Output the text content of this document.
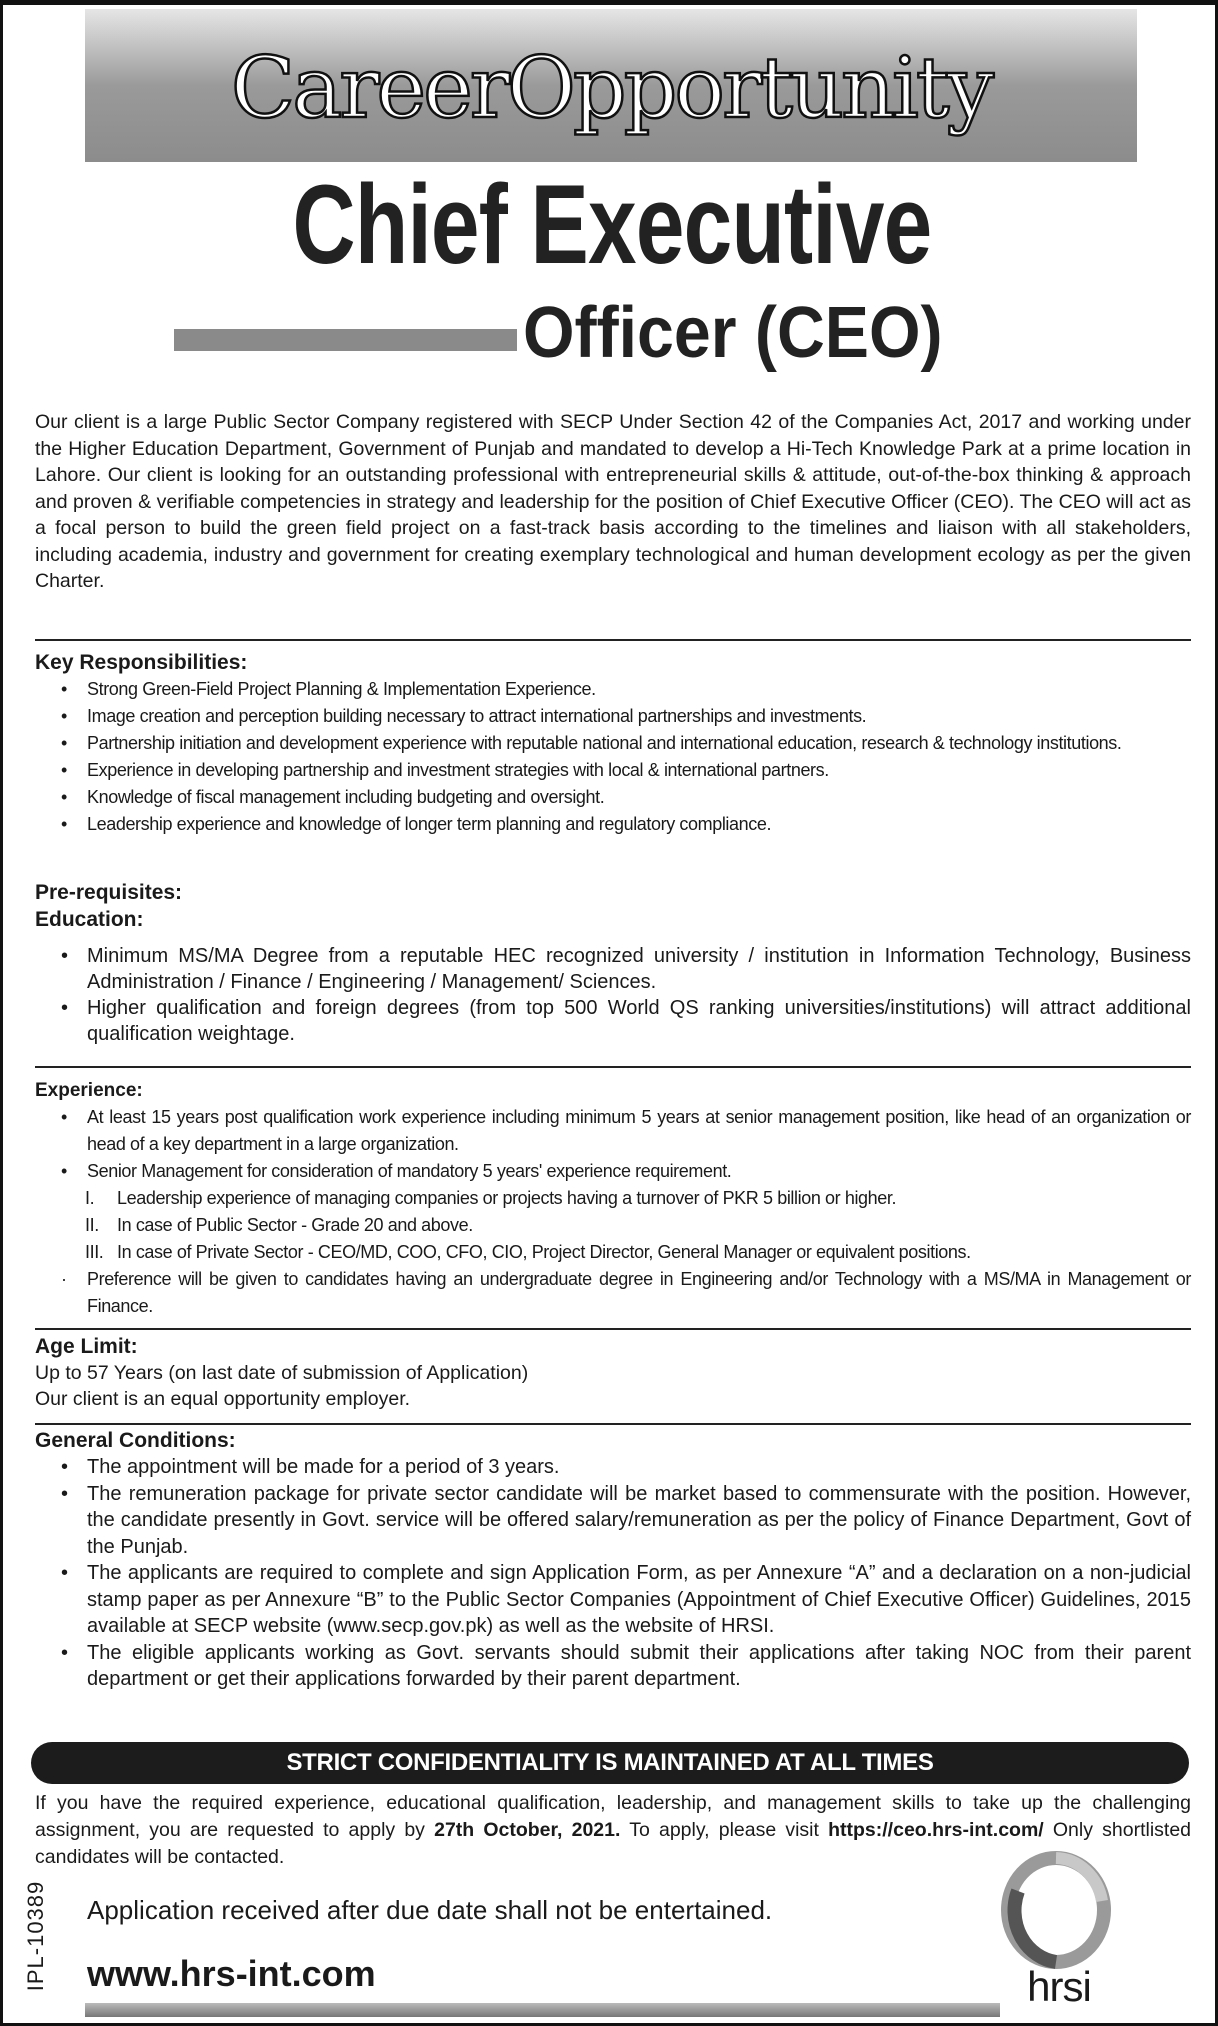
CareerOpportunity
Chief Executive
Officer (CEO)

Our client is a large Public Sector Company registered with SECP Under Section 42 of the Companies Act, 2017 and working under the Higher Education Department, Government of Punjab and mandated to develop a Hi-Tech Knowledge Park at a prime location in Lahore. Our client is looking for an outstanding professional with entrepreneurial skills & attitude, out-of-the-box thinking & approach and proven & verifiable competencies in strategy and leadership for the position of Chief Executive Officer (CEO). The CEO will act as a focal person to build the green field project on a fast-track basis according to the timelines and liaison with all stakeholders, including academia, industry and government for creating exemplary technological and human development ecology as per the given Charter.

Key Responsibilities:
• Strong Green-Field Project Planning & Implementation Experience.
• Image creation and perception building necessary to attract international partnerships and investments.
• Partnership initiation and development experience with reputable national and international education, research & technology institutions.
• Experience in developing partnership and investment strategies with local & international partners.
• Knowledge of fiscal management including budgeting and oversight.
• Leadership experience and knowledge of longer term planning and regulatory compliance.
Pre-requisites:
Education:
• Minimum MS/MA Degree from a reputable HEC recognized university / institution in Information Technology, Business Administration / Finance / Engineering / Management/ Sciences.
• Higher qualification and foreign degrees (from top 500 World QS ranking universities/institutions) will attract additional qualification weightage.
Experience:
• At least 15 years post qualification work experience including minimum 5 years at senior management position, like head of an organization or head of a key department in a large organization.
• Senior Management for consideration of mandatory 5 years' experience requirement.
I. Leadership experience of managing companies or projects having a turnover of PKR 5 billion or higher.
II. In case of Public Sector - Grade 20 and above.
III. In case of Private Sector - CEO/MD, COO, CFO, CIO, Project Director, General Manager or equivalent positions.
· Preference will be given to candidates having an undergraduate degree in Engineering and/or Technology with a MS/MA in Management or Finance.
Age Limit:
Up to 57 Years (on last date of submission of Application)
Our client is an equal opportunity employer.
General Conditions:
• The appointment will be made for a period of 3 years.
• The remuneration package for private sector candidate will be market based to commensurate with the position. However, the candidate presently in Govt. service will be offered salary/remuneration as per the policy of Finance Department, Govt of the Punjab.
• The applicants are required to complete and sign Application Form, as per Annexure “A” and a declaration on a non-judicial stamp paper as per Annexure “B” to the Public Sector Companies (Appointment of Chief Executive Officer) Guidelines, 2015 available at SECP website (www.secp.gov.pk) as well as the website of HRSI.
• The eligible applicants working as Govt. servants should submit their applications after taking NOC from their parent department or get their applications forwarded by their parent department.
STRICT CONFIDENTIALITY IS MAINTAINED AT ALL TIMES

If you have the required experience, educational qualification, leadership, and management skills to take up the challenging assignment, you are requested to apply by 27th October, 2021. To apply, please visit https://ceo.hrs-int.com/ Only shortlisted candidates will be contacted.

IPL-10389 Application received after due date shall not be entertained.
www.hrs-int.com	hrsi
